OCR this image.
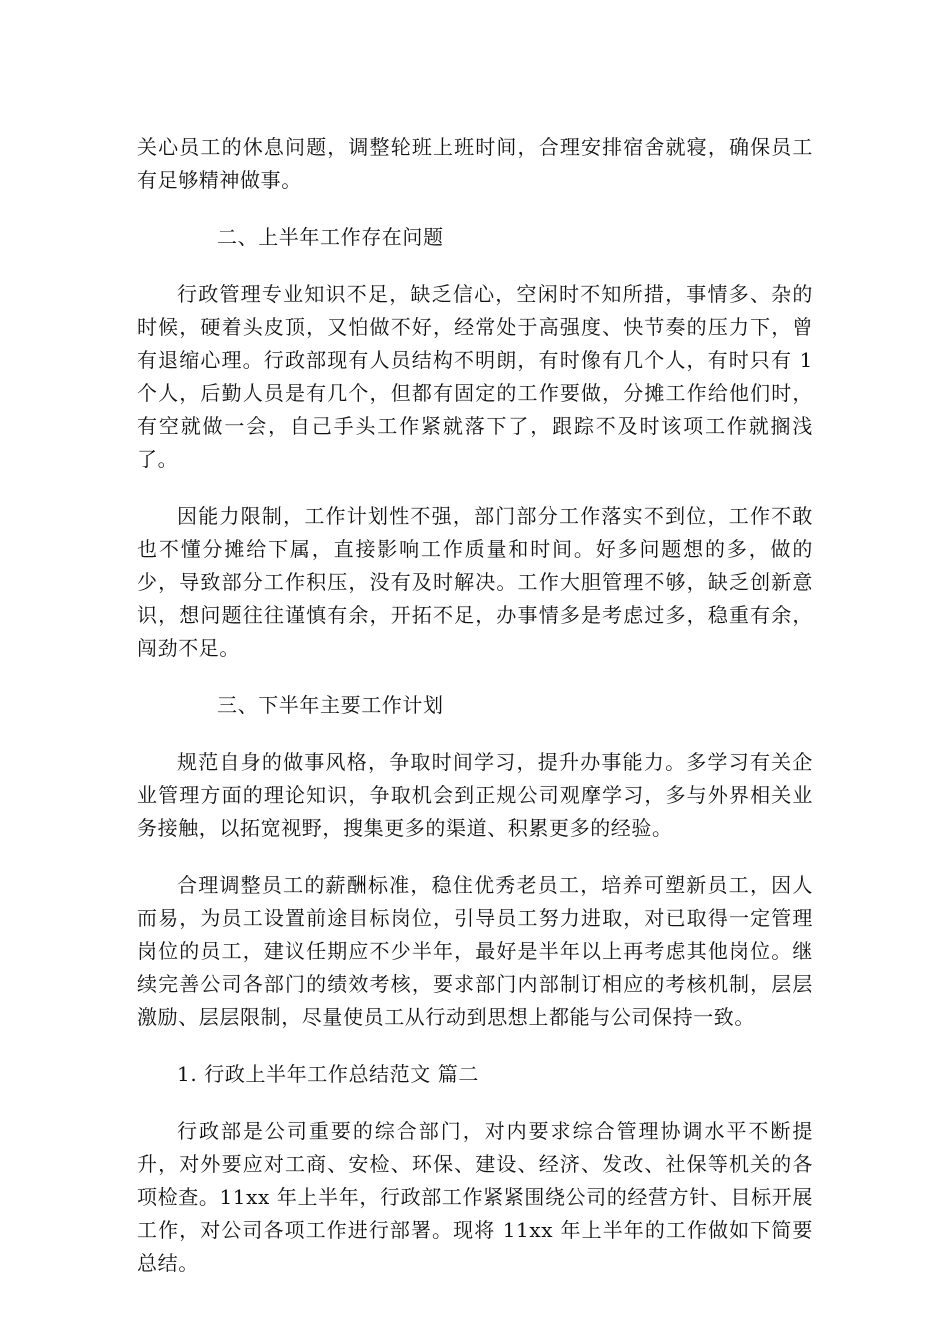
关心员工的休息问题，调整轮班上班时间，合理安排宿舍就寝，确保员工有足够精神做事。

二、上半年工作存在问题

行政管理专业知识不足，缺乏信心，空闲时不知所措，事情多、杂的时候，硬着头皮顶，又怕做不好，经常处于高强度、快节奏的压力下，曾有退缩心理。行政部现有人员结构不明朗，有时像有几个人，有时只有 1 个人，后勤人员是有几个，但都有固定的工作要做，分摊工作给他们时，有空就做一会，自己手头工作紧就落下了，跟踪不及时该项工作就搁浅了。

因能力限制，工作计划性不强，部门部分工作落实不到位，工作不敢也不懂分摊给下属，直接影响工作质量和时间。好多问题想的多，做的少，导致部分工作积压，没有及时解决。工作大胆管理不够，缺乏创新意识，想问题往往谨慎有余，开拓不足，办事情多是考虑过多，稳重有余，闯劲不足。

三、下半年主要工作计划

规范自身的做事风格，争取时间学习，提升办事能力。多学习有关企业管理方面的理论知识，争取机会到正规公司观摩学习，多与外界相关业务接触，以拓宽视野，搜集更多的渠道、积累更多的经验。

合理调整员工的薪酬标准，稳住优秀老员工，培养可塑新员工，因人而易，为员工设置前途目标岗位，引导员工努力进取，对已取得一定管理岗位的员工，建议任期应不少半年，最好是半年以上再考虑其他岗位。继续完善公司各部门的绩效考核，要求部门内部制订相应的考核机制，层层激励、层层限制，尽量使员工从行动到思想上都能与公司保持一致。

1. 行政上半年工作总结范文 篇二

行政部是公司重要的综合部门，对内要求综合管理协调水平不断提升，对外要应对工商、安检、环保、建设、经济、发改、社保等机关的各项检查。11xx 年上半年，行政部工作紧紧围绕公司的经营方针、目标开展工作，对公司各项工作进行部署。现将 11xx 年上半年的工作做如下简要总结。
